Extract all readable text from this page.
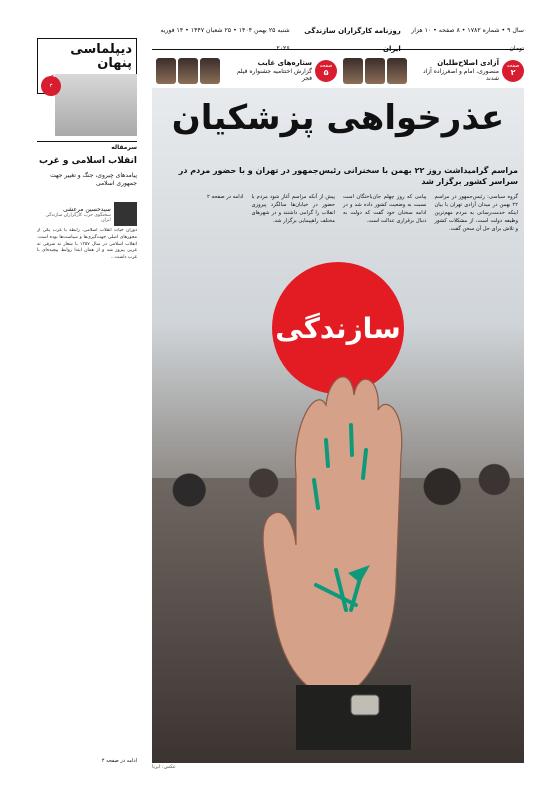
دیپلماسی پنهان
۳
سرمقاله
انقلاب اسلامی و غرب
پیامدهای چیروی، جنگ و تغییر جهت جمهوری اسلامی
سیدحسین مرعشی
سخنگوی حزب کارگزاران سازندگی ایران
دوران حیات انقلاب اسلامی، رابطه با غرب یکی از محورهای اصلی جهت‌گیری‌ها و سیاست‌ها بوده است. انقلاب اسلامی در سال ۱۳۵۷ با شعار نه شرقی نه غربی پیروز شد و از همان ابتدا روابط پیچیده‌ای با غرب داشت...
ادامه در صفحه ۴
سال ۹ • شماره ۱۷۸۲ • ۸ صفحه • ۱۰ هزار تومان
روزنامه کارگزاران سازندگی ایران
شنبه ۲۵ بهمن ۱۴۰۴ • ۲۵ شعبان ۱۴۴۷ • ۱۴ فوریه ۲۰۲۶
صفحه
۲
آزادی اصلاح‌طلبان
منصوری، امام و اصغرزاده آزاد شدند
صفحه
۵
ستاره‌های غایب
گزارش اختتامیه جشنواره فیلم فجر
عذرخواهی پزشکیان
مراسم گرامیداشت روز ۲۲ بهمن با سخنرانی رئیس‌جمهور در تهران و با حضور مردم در سراسر کشور برگزار شد
گروه سیاسی: رئیس‌جمهور در مراسم ۲۲ بهمن در میدان آزادی تهران با بیان اینکه خدمت‌رسانی به مردم مهم‌ترین وظیفه دولت است، از مشکلات کشور و تلاش برای حل آن سخن گفت.
پیامی که روز چهلم جان‌باختگان است نسبت به وضعیت کشور داده شد و در ادامه سخنان خود گفت که دولت به دنبال برقراری عدالت است.
پیش از آنکه مراسم آغاز شود مردم با حضور در خیابان‌ها سالگرد پیروزی انقلاب را گرامی داشتند و در شهرهای مختلف راهپیمایی برگزار شد.
ادامه در صفحه ۲
سازندگی
عکس: ایرنا
